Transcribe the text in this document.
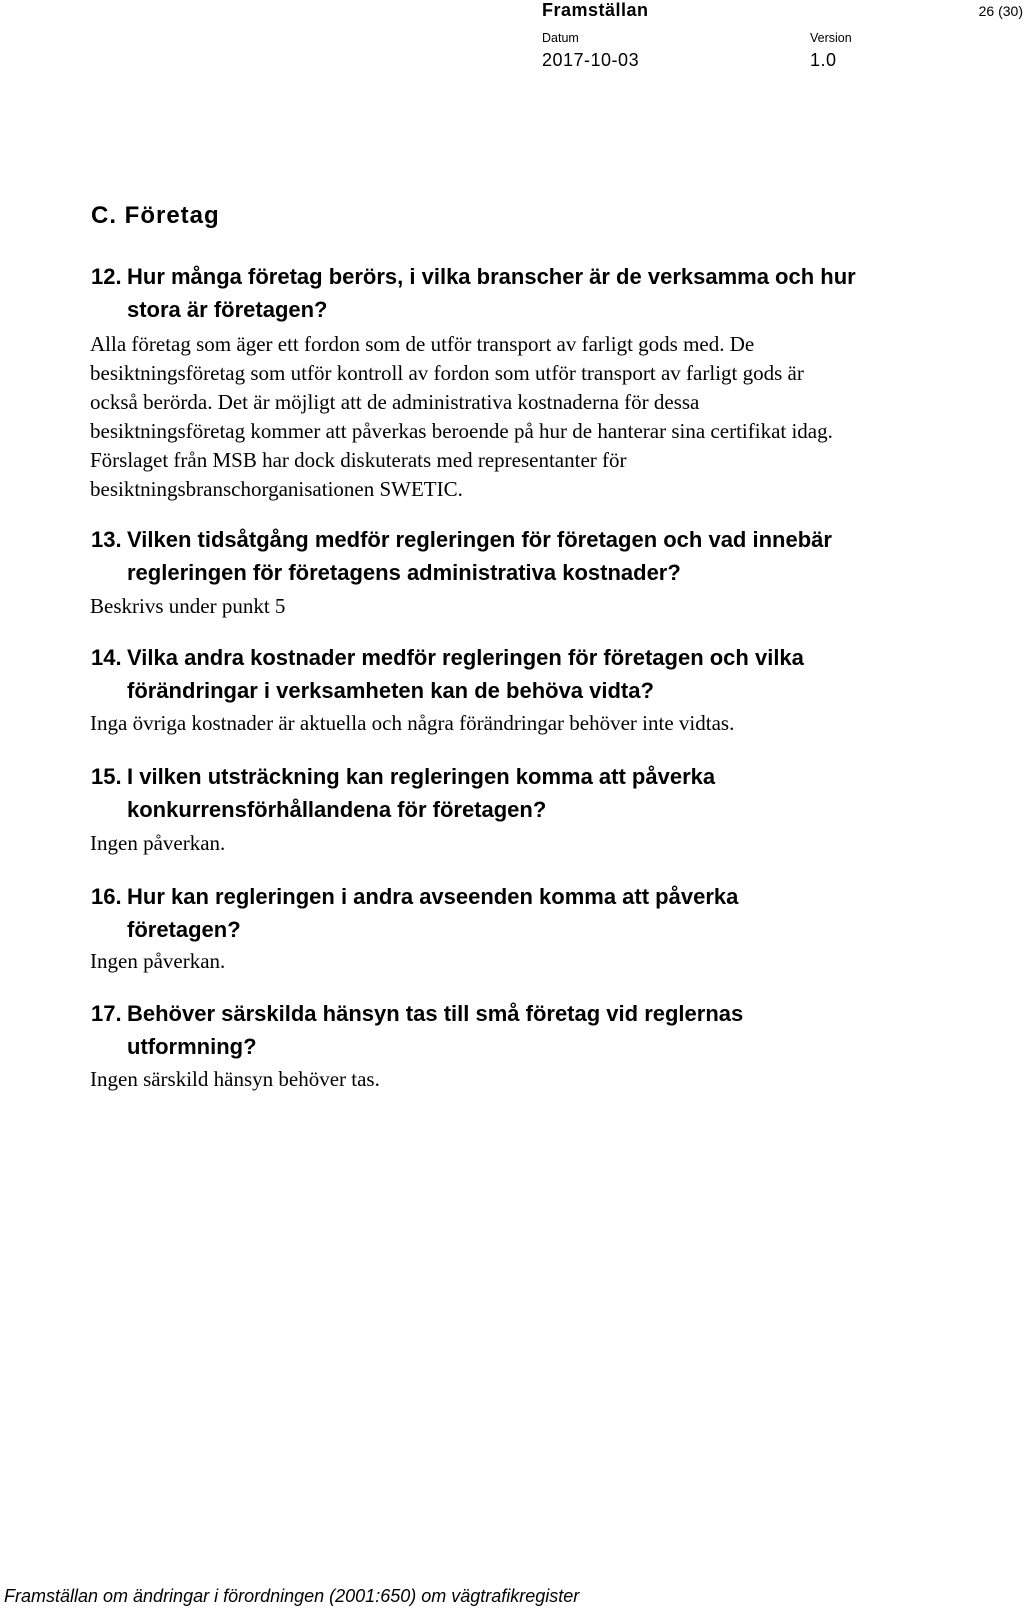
Framställan	26 (30)
Datum
2017-10-03
Version
1.0
C. Företag
12. Hur många företag berörs, i vilka branscher är de verksamma och hur stora är företagen?
Alla företag som äger ett fordon som de utför transport av farligt gods med. De besiktningsföretag som utför kontroll av fordon som utför transport av farligt gods är också berörda. Det är möjligt att de administrativa kostnaderna för dessa besiktningsföretag kommer att påverkas beroende på hur de hanterar sina certifikat idag. Förslaget från MSB har dock diskuterats med representanter för besiktningsbranschorganisationen SWETIC.
13. Vilken tidsåtgång medför regleringen för företagen och vad innebär regleringen för företagens administrativa kostnader?
Beskrivs under punkt 5
14. Vilka andra kostnader medför regleringen för företagen och vilka förändringar i verksamheten kan de behöva vidta?
Inga övriga kostnader är aktuella och några förändringar behöver inte vidtas.
15. I vilken utsträckning kan regleringen komma att påverka konkurrensförhållandena för företagen?
Ingen påverkan.
16. Hur kan regleringen i andra avseenden komma att påverka företagen?
Ingen påverkan.
17. Behöver särskilda hänsyn tas till små företag vid reglernas utformning?
Ingen särskild hänsyn behöver tas.
Framställan om ändringar i förordningen (2001:650) om vägtrafikregister
